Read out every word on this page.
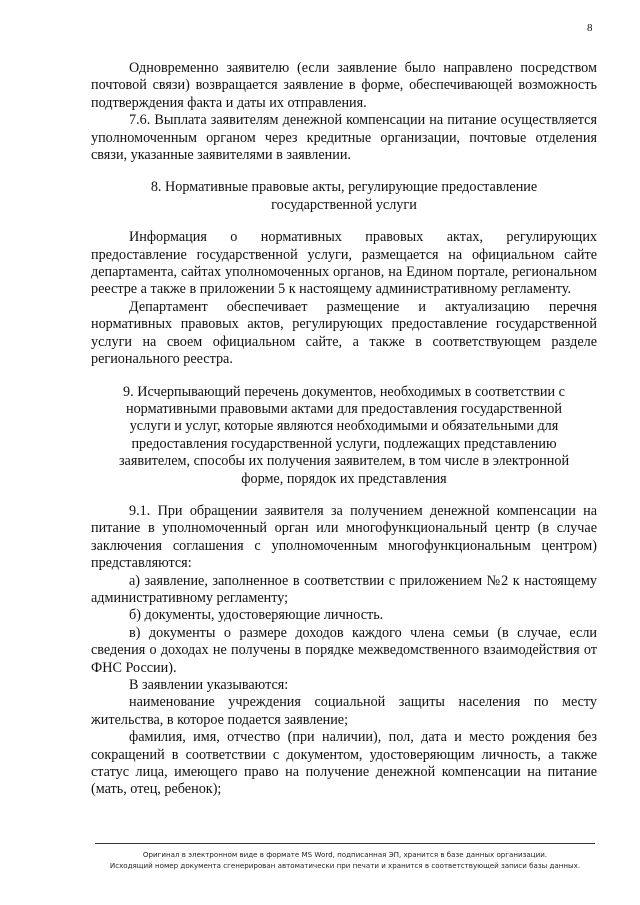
8

Одновременно заявителю (если заявление было направлено посредством почтовой связи) возвращается заявление в форме, обеспечивающей возможность подтверждения факта и даты их отправления.

7.6. Выплата заявителям денежной компенсации на питание осуществляется уполномоченным органом через кредитные организации, почтовые отделения связи, указанные заявителями в заявлении.

8. Нормативные правовые акты, регулирующие предоставление

государственной услуги

Информация о нормативных правовых актах, регулирующих предоставление государственной услуги, размещается на официальном сайте департамента, сайтах уполномоченных органов, на Едином портале, региональном реестре а также в приложении 5 к настоящему административному регламенту.

Департамент обеспечивает размещение и актуализацию перечня нормативных правовых актов, регулирующих предоставление государственной услуги на своем официальном сайте, а также в соответствующем разделе регионального реестра.

9. Исчерпывающий перечень документов, необходимых в соответствии с

нормативными правовыми актами для предоставления государственной

услуги и услуг, которые являются необходимыми и обязательными для

предоставления государственной услуги, подлежащих представлению

заявителем, способы их получения заявителем, в том числе в электронной

форме, порядок их представления

9.1. При обращении заявителя за получением денежной компенсации на питание в уполномоченный орган или многофункциональный центр (в случае заключения соглашения с уполномоченным многофункциональным центром) представляются:

а) заявление, заполненное в соответствии с приложением №2 к настоящему административному регламенту;

б) документы, удостоверяющие личность.

в) документы о размере доходов каждого члена семьи (в случае, если сведения о доходах не получены в порядке межведомственного взаимодействия от ФНС России).

В заявлении указываются:

наименование учреждения социальной защиты населения по месту жительства, в которое подается заявление;

фамилия, имя, отчество (при наличии), пол, дата и место рождения без сокращений в соответствии с документом, удостоверяющим личность, а также статус лица, имеющего право на получение денежной компенсации на питание (мать, отец, ребенок);

Оригинал в электронном виде в формате MS Word, подписанная ЭП, хранится в базе данных организации.
Исходящий номер документа сгенерирован автоматически при печати и хранится в соответствующей записи базы данных.
